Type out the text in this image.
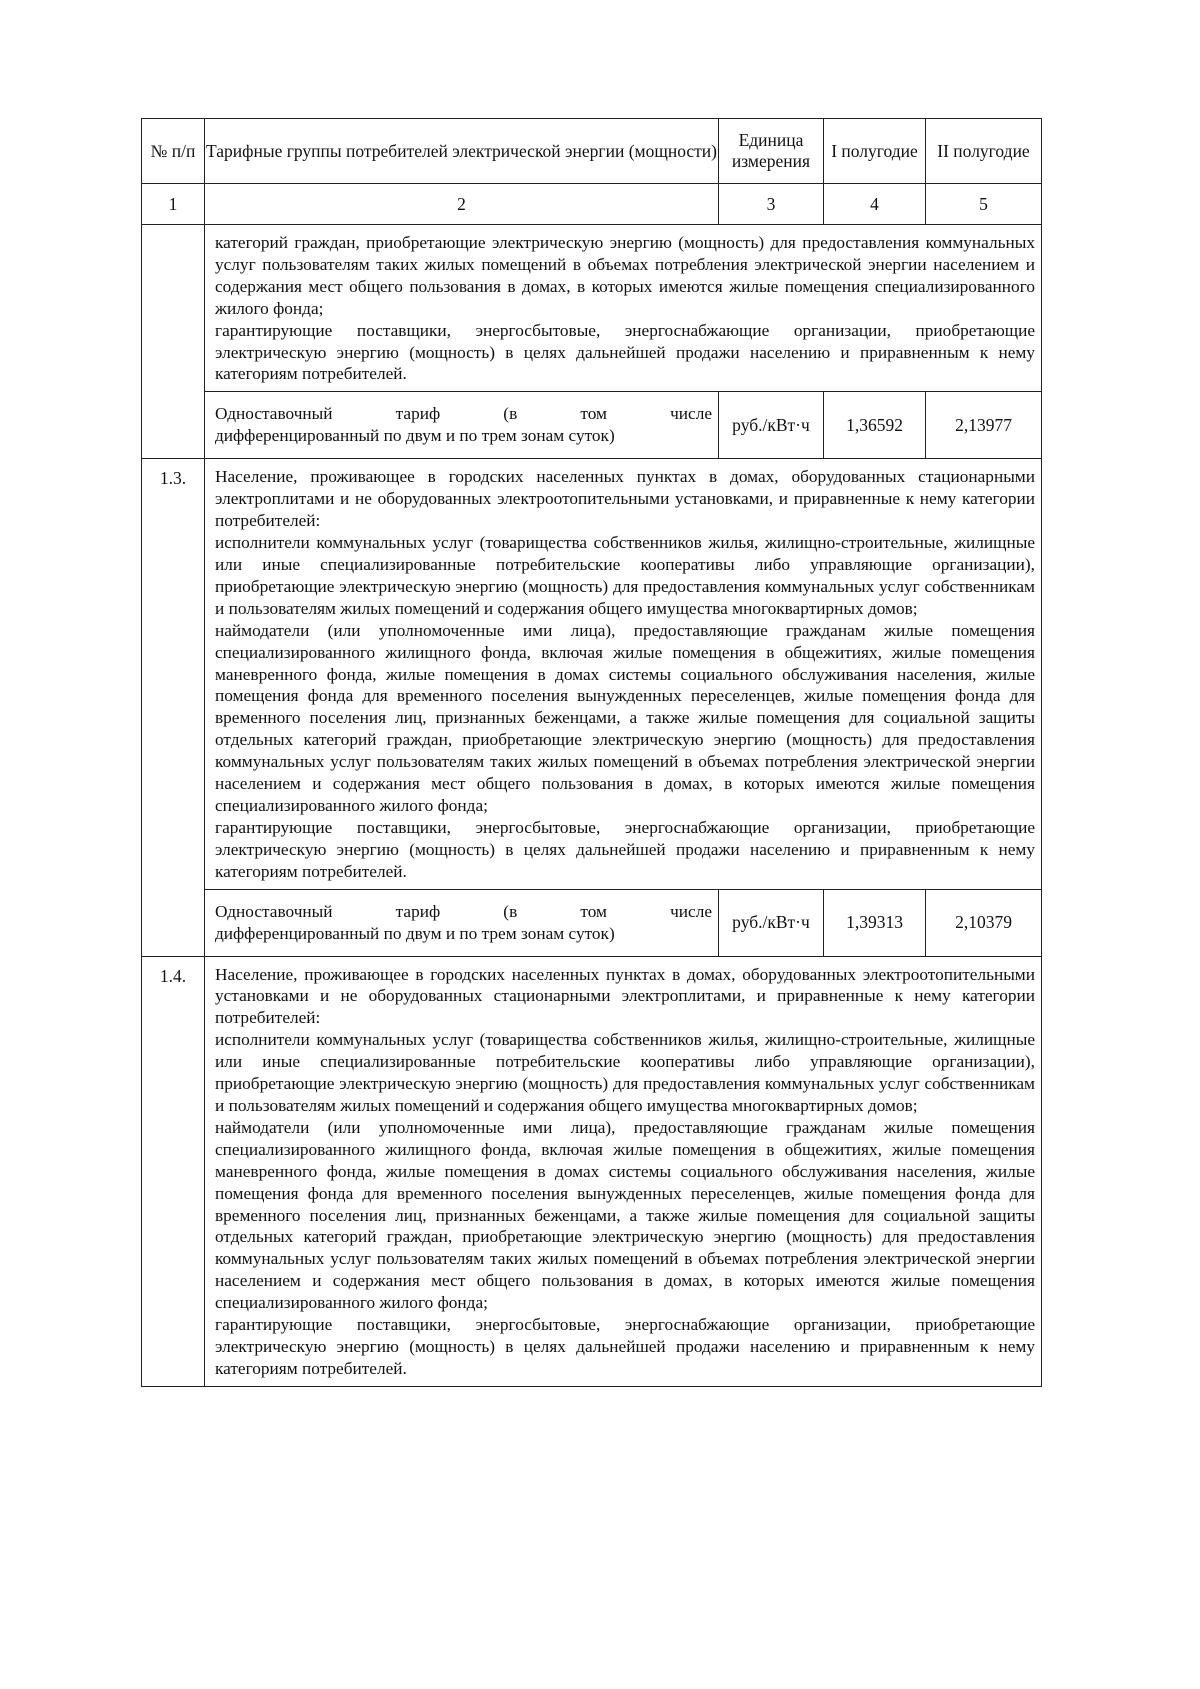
№ п/п	Тарифные группы потребителей электрической энергии (мощности)	Единица измерения	I полугодие	II полугодие
1	2	3	4	5
	категорий граждан, приобретающие электрическую энергию (мощность) для предоставления коммунальных услуг пользователям таких жилых помещений в объемах потребления электрической энергии населением и содержания мест общего пользования в домах, в которых имеются жилые помещения специализированного жилого фонда;
гарантирующие поставщики, энергосбытовые, энергоснабжающие организации, приобретающие электрическую энергию (мощность) в целях дальнейшей продажи населению и приравненным к нему категориям потребителей.			

	Одноставочный тариф (в том числе
дифференцированный по двум и по трем зонам суток)	руб./кВт·ч	1,36592	2,13977
1.3.	Население, проживающее в городских населенных пунктах в домах, оборудованных стационарными электроплитами и не оборудованных электроотопительными установками, и приравненные к нему категории потребителей:
исполнители коммунальных услуг (товарищества собственников жилья, жилищно-строительные, жилищные или иные специализированные потребительские кооперативы либо управляющие организации), приобретающие электрическую энергию (мощность) для предоставления коммунальных услуг собственникам и пользователям жилых помещений и содержания общего имущества многоквартирных домов;
наймодатели (или уполномоченные ими лица), предоставляющие гражданам жилые помещения специализированного жилищного фонда, включая жилые помещения в общежитиях, жилые помещения маневренного фонда, жилые помещения в домах системы социального обслуживания населения, жилые помещения фонда для временного поселения вынужденных переселенцев, жилые помещения фонда для временного поселения лиц, признанных беженцами, а также жилые помещения для социальной защиты отдельных категорий граждан, приобретающие электрическую энергию (мощность) для предоставления коммунальных услуг пользователям таких жилых помещений в объемах потребления электрической энергии населением и содержания мест общего пользования в домах, в которых имеются жилые помещения специализированного жилого фонда;
гарантирующие поставщики, энергосбытовые, энергоснабжающие организации, приобретающие электрическую энергию (мощность) в целях дальнейшей продажи населению и приравненным к нему категориям потребителей.			

	Одноставочный тариф (в том числе
дифференцированный по двум и по трем зонам суток)	руб./кВт·ч	1,39313	2,10379
1.4.	Население, проживающее в городских населенных пунктах в домах, оборудованных электроотопительными установками и не оборудованных стационарными электроплитами, и приравненные к нему категории потребителей:
исполнители коммунальных услуг (товарищества собственников жилья, жилищно-строительные, жилищные или иные специализированные потребительские кооперативы либо управляющие организации), приобретающие электрическую энергию (мощность) для предоставления коммунальных услуг собственникам и пользователям жилых помещений и содержания общего имущества многоквартирных домов;
наймодатели (или уполномоченные ими лица), предоставляющие гражданам жилые помещения специализированного жилищного фонда, включая жилые помещения в общежитиях, жилые помещения маневренного фонда, жилые помещения в домах системы социального обслуживания населения, жилые помещения фонда для временного поселения вынужденных переселенцев, жилые помещения фонда для временного поселения лиц, признанных беженцами, а также жилые помещения для социальной защиты отдельных категорий граждан, приобретающие электрическую энергию (мощность) для предоставления коммунальных услуг пользователям таких жилых помещений в объемах потребления электрической энергии населением и содержания мест общего пользования в домах, в которых имеются жилые помещения специализированного жилого фонда;
гарантирующие поставщики, энергосбытовые, энергоснабжающие организации, приобретающие электрическую энергию (мощность) в целях дальнейшей продажи населению и приравненным к нему категориям потребителей.			
